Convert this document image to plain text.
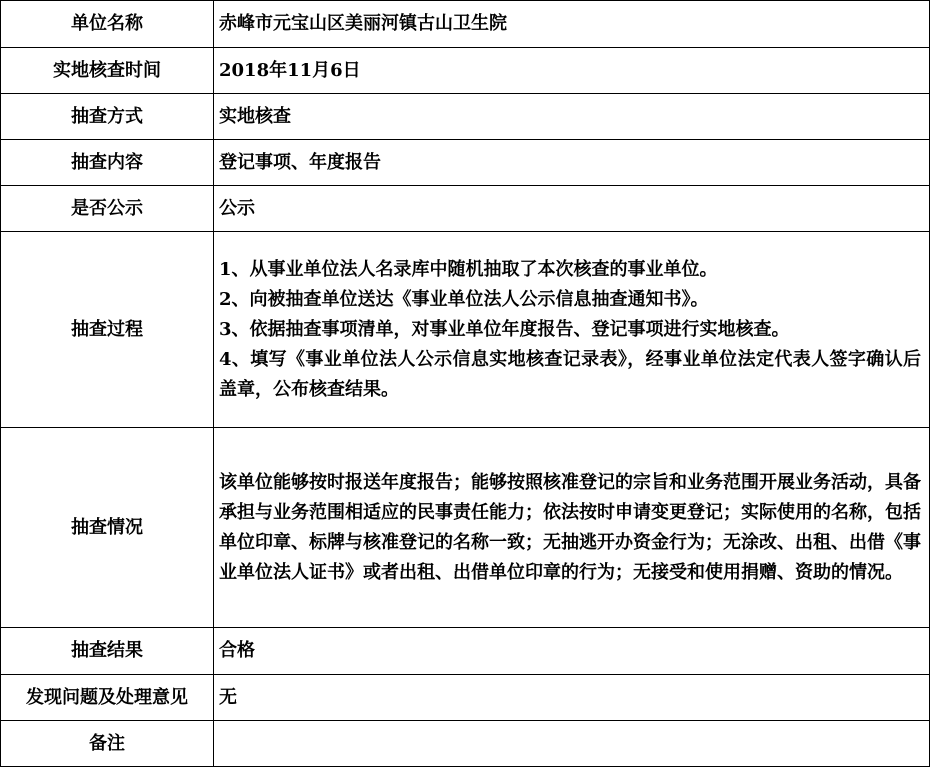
单位名称	赤峰市元宝山区美丽河镇古山卫生院
实地核查时间	2018年11月6日
抽查方式	实地核查
抽查内容	登记事项、年度报告
是否公示	公示
抽查过程	1、从事业单位法人名录库中随机抽取了本次核查的事业单位。
2、向被抽查单位送达《事业单位法人公示信息抽查通知书》。
3、依据抽查事项清单，对事业单位年度报告、登记事项进行实地核查。
4、填写《事业单位法人公示信息实地核查记录表》，经事业单位法定代表人签字确认后盖章，公布核查结果。

抽查情况	该单位能够按时报送年度报告；能够按照核准登记的宗旨和业务范围开展业务活动，具备承担与业务范围相适应的民事责任能力；依法按时申请变更登记；实际使用的名称，包括单位印章、标牌与核准登记的名称一致；无抽逃开办资金行为；无涂改、出租、出借《事业单位法人证书》或者出租、出借单位印章的行为；无接受和使用捐赠、资助的情况。
抽查结果	合格
发现问题及处理意见	无
备注	
